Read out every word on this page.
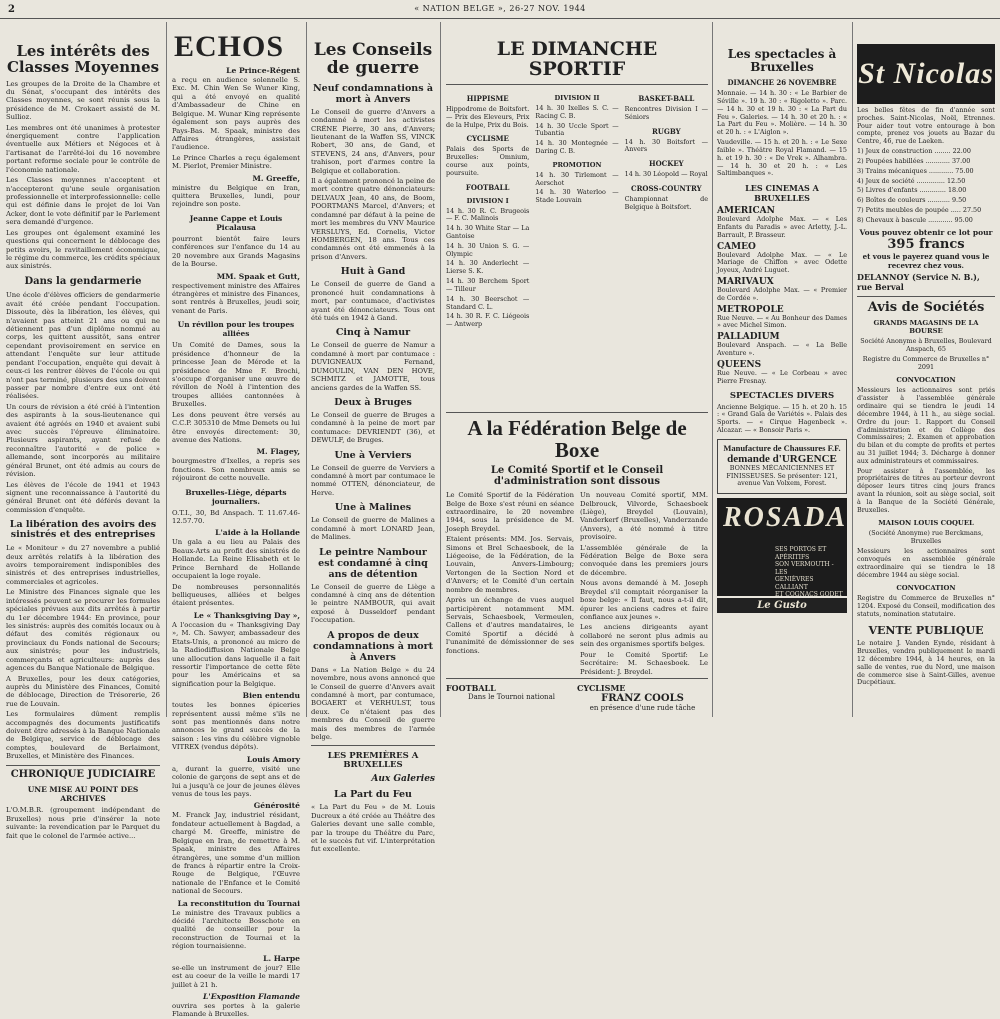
2	« NATION BELGE », 26-27 NOV. 1944
Les intérêts des Classes Moyennes

Les groupes de la Droite de la Chambre et du Sénat, s'occupant des intérêts des Classes moyennes, se sont réunis sous la présidence de M. Crokaert assisté de M. Sullioz.

Les membres ont été unanimes à protester énergiquement contre l'application éventuelle aux Métiers et Négoces et à l'artisanat de l'arrêté-loi du 16 novembre portant reforme sociale pour le contrôle de l'économie nationale.

Les Classes moyennes n'acceptent et n'accepteront qu'une seule organisation professionnelle et interprofessionnelle: celle qui est définie dans le projet de loi Van Acker, dont le vote définitif par le Parlement sera demandé d'urgence.

Les groupes ont également examiné les questions qui concernent le déblocage des petits avoirs, le ravitaillement économique, le régime du commerce, les crédits spéciaux aux sinistrés.

Dans la gendarmerie

Une école d'élèves officiers de gendarmerie avait été créée pendant l'occupation. Dissoute, dès la libération, les élèves, qui n'avaient pas atteint 21 ans ou qui ne détiennent pas d'un diplôme nommé au corps, les quittent aussitôt, sans entrer cependant provisoirement en service en attendant l'enquête sur leur attitude pendant l'occupation, enquête qui devait à ceux-ci les rentrer élèves de l'école ou qui n'ont pas terminé, plusieurs des uns doivent passer par nombre d'entre eux ont été réalisées.

Un cours de révision a été créé à l'intention des aspirants à la sous-lieutenance qui avaient été agréés en 1940 et avaient subi avec succès l'épreuve éliminatoire. Plusieurs aspirants, ayant refusé de reconnaître l'autorité « de police » allemande, sont incorporés au militaire général Brunet, ont été admis au cours de révision.

Les élèves de l'école de 1941 et 1943 signent une reconnaissance à l'autorité du général Brunet ont été déférés devant la commission d'enquête.

La libération des avoirs des sinistrés et des entreprises

Le « Moniteur » du 27 novembre a publié deux arrêtés relatifs à la libération des avoirs temporairement indisponibles des sinistrés et des entreprises industrielles, commerciales et agricoles.

Le Ministre des Finances signale que les intéressés peuvent se procurer les formules spéciales prévues aux dits arrêtés à partir du 1er décembre 1944: En province, pour les sinistrés: auprès des comités locaux ou à défaut des comités régionaux ou provinciaux du Fonds national de Secours; aux sinistrés; pour les industriels, commerçants et agriculteurs: auprès des agences du Banque Nationale de Belgique.

A Bruxelles, pour les deux catégories, auprès du Ministère des Finances, Comité de déblocage, Direction de Trésorerie, 26 rue de Louvain.

Les formulaires dûment remplis accompagnés des documents justificatifs doivent être adressés à la Banque Nationale de Belgique, service de déblocage des comptes, boulevard de Berlaimont, Bruxelles, et Ministère des Finances.

CHRONIQUE JUDICIAIRE
UNE MISE AU POINT DES ARCHIVES

L'O.M.B.R. (groupement indépendant de Bruxelles) nous prie d'insérer la note suivante: la revendication par le Parquet du fait que le colonel de l'armée active...

ECHOS
Le Prince-Régent

a reçu en audience solennelle S. Exc. M. Chin Wen Se Wuner King, qui a été envoyé en qualité d'Ambassadeur de Chine en Belgique. M. Wunar King représente également son pays auprès des Pays-Bas. M. Spaak, ministre des Affaires étrangères, assistait l'audience.

Le Prince Charles a reçu également M. Pierlot, Premier Ministre.

M. Greeffe,

ministre du Belgique en Iran, quittera Bruxelles, lundi, pour rejoindre son poste.

Jeanne Cappe et Louis Picalausa

pourront bientôt faire leurs conférences sur l'enfance du 14 au 20 novembre aux Grands Magasins de la Bourse.

MM. Spaak et Gutt,

respectivement ministre des Affaires étrangères et ministre des Finances, sont rentrés à Bruxelles, jeudi soir, venant de Paris.

Un révillon pour les troupes alliées

Un Comité de Dames, sous la présidence d'honneur de la princesse Jean de Mérode et la présidence de Mme F. Brochi, s'occupe d'organiser une œuvre de révillon de Noël à l'intention des troupes alliées cantonnées à Bruxelles.

Les dons peuvent être versés au C.C.P. 305310 de Mme Demets ou lui être envoyés directement: 30, avenue des Nations.

M. Flagey,

bourgmestre d'Ixelles, a repris ses fonctions. Son nombreux amis se réjouiront de cette nouvelle.

Bruxelles-Liège, départs journaliers.

O.T.I., 30, Bd Anspach. T. 11.67.46-12.57.70.

L'aide à la Hollande

Un gala a eu lieu au Palais des Beaux-Arts au profit des sinistrés de Hollande. La Reine Elisabeth et le Prince Bernhard de Hollande occupaient la loge royale.

De nombreuses personnalités belliqueuses, alliées et belges étaient présentes.

Le « Thanksgiving Day »,

A l'occasion du « Thanksgiving Day », M. Ch. Sawyer, ambassadeur des Etats-Unis, a prononcé au micro de la Radiodiffusion Nationale Belge une allocution dans laquelle il a fait ressortir l'importance de cette fête pour les Américains et sa signification pour la Belgique.

Bien entendu

toutes les bonnes épiceries représentent aussi même s'ils ne sont pas mentionnés dans notre annonces le grand succès de la saison : les vins du célèbre vignoble VITREX (vendus dépôts).

Louis Amory

a, durant la guerre, visité une colonie de garçons de sept ans et de lui a jusqu'à ce jour de jeunes élèves venus de tous les pays.

Générosité

M. Franck Jay, industriel résidant, fondateur actuellement à Bagdad, a chargé M. Greeffe, ministre de Belgique en Iran, de remettre à M. Spaak, ministre des Affaires étrangères, une somme d'un million de francs à répartir entre la Croix-Rouge de Belgique, l'Œuvre nationale de l'Enfance et le Comité national de Secours.

La reconstitution du Tournai

Le ministre des Travaux publics a décidé l'architecte Bosschote en qualité de conseiller pour la reconstruction de Tournai et la région tournaisienne.

L. Harpe

se-elle un instrument de jour? Elle est au coeur de la veille le mardi 17 juillet à 21 h.

L'Exposition Flamande

ouvrira ses portes à la galerie Flamande à Bruxelles.

Les Conseils de guerre
Neuf condamnations à mort à Anvers

Le Conseil de guerre d'Anvers a condamné à mort les activistes CRÉNE Pierre, 30 ans, d'Anvers; lieutenant de la Waffen SS, VINCK Robert, 30 ans, de Gand, et STEVENS, 24 ans, d'Anvers, pour trahison, port d'armes contre la Belgique et collaboration.

Il a également prononcé la peine de mort contre quatre dénonciateurs: DELVAUX Jean, 40 ans, de Boom, POORTMANS Marcel, d'Anvers; et condamné par défaut à la peine de mort les membres du VNV Maurice VERSLUYS, Ed. Cornelis, Victor HOMBERGEN, 18 ans. Tous ces condamnés ont été emmenés à la prison d'Anvers.

Huit à Gand

Le Conseil de guerre de Gand a prononcé huit condamnations à mort, par contumace, d'activistes ayant été dénonciateurs. Tous ont été tués en 1942 à Gand.

Cinq à Namur

Le Conseil de guerre de Namur a condamné à mort par contumace : DUVIGNEAUX Fernand, DUMOULIN, VAN DEN HOVE, SCHMITZ et JAMOTTE, tous anciens gardes de la Waffen SS.

Deux à Bruges

Le Conseil de guerre de Bruges a condamné à la peine de mort par contumace: DEVRIENDT (36), et DEWULF, de Bruges.

Une à Verviers

Le Conseil de guerre de Verviers a condamné à mort par contumace le nommé OTTEN, dénonciateur, de Herve.

Une à Malines

Le Conseil de guerre de Malines a condamné à mort LONARD Jean, de Malines.

Le peintre Nambour est condamné à cinq ans de détention

Le Conseil de guerre de Liège a condamné à cinq ans de détention le peintre NAMBOUR, qui avait exposé à Dusseldorf pendant l'occupation.

A propos de deux condamnations à mort à Anvers

Dans « La Nation Belge » du 24 novembre, nous avons annoncé que le Conseil de guerre d'Anvers avait condamné à mort, par contumace, BOGAERT et VERHULST, tous deux. Ce n'étaient pas des membres du Conseil de guerre mais des membres de l'armée belge.

LES PREMIÈRES A BRUXELLES
Aux Galeries
La Part du Feu

« La Part du Feu » de M. Louis Ducreux a été créée au Théâtre des Galeries devant une salle comble, par la troupe du Théâtre du Parc, et le succès fut vif. L'interprétation fut excellente.

LE DIMANCHE SPORTIF
HIPPISME

Hippodrome de Boitsfort. — Prix des Eleveurs, Prix de la Hulpe, Prix du Bois.

CYCLISME

Palais des Sports de Bruxelles: Omnium, course aux points, poursuite.

FOOTBALL
DIVISION I

14 h. 30 R. C. Brugeois — F. C. Malinois

14 h. 30 White Star — La Gantoise

14 h. 30 Union S. G. — Olympic

14 h. 30 Anderlecht — Lierse S. K.

14 h. 30 Berchem Sport — Tilleur

14 h. 30 Beerschot — Standard C. L.

14 h. 30 R. F. C. Liégeois — Antwerp

DIVISION II

14 h. 30 Ixelles S. C. — Racing C. B.

14 h. 30 Uccle Sport — Tubantia

14 h. 30 Montegnée — Daring C. B.

PROMOTION

14 h. 30 Tirlemont — Aerschot

14 h. 30 Waterloo — Stade Louvain

BASKET-BALL

Rencontres Division I — Séniors

RUGBY

14 h. 30 Boitsfort — Anvers

HOCKEY

14 h. 30 Léopold — Royal

CROSS-COUNTRY

Championnat de Belgique à Boitsfort.

A la Fédération Belge de Boxe
Le Comité Sportif et le Conseil d'administration sont dissous

Le Comité Sportif de la Fédération Belge de Boxe s'est réuni en séance extraordinaire, le 20 novembre 1944, sous la présidence de M. Joseph Breydel.

Etaient présents: MM. Jos. Servais, Simons et Brel Schaesboek, de la Liégeoise, de la Fédération, de la Louvain, Anvers-Limbourg; Vertongen de la Section Nord et d'Anvers; et le Comité d'un certain nombre de membres.

Après un échange de vues auquel participèrent notamment MM. Servais, Schaesboek, Vermeulen, Callens et d'autres mandataires, le Comité Sportif a décidé à l'unanimité de démissionner de ses fonctions.

Un nouveau Comité sportif, MM. Delbrouck, Vilvorde, Schaesboek (Liège), Breydel (Louvain), Vanderkerf (Bruxelles), Vanderzande (Anvers), a été nommé à titre provisoire.

L'assemblée générale de la Fédération Belge de Boxe sera convoquée dans les premiers jours de décembre.

Nous avons demandé à M. Joseph Breydel s'il comptait réorganiser la boxe belge: « Il faut, nous a-t-il dit, épurer les anciens cadres et faire confiance aux jeunes ».

Les anciens dirigeants ayant collaboré ne seront plus admis au sein des organismes sportifs belges.

Pour le Comité Sportif: Le Secrétaire: M. Schaesboek. Le Président: J. Breydel.

FOOTBALL
Dans le Tournoi national
CYCLISME
FRANZ COOLS
en présence d'une rude tâche
Les spectacles à Bruxelles
DIMANCHE 26 NOVEMBRE

Monnaie. — 14 h. 30 : « Le Barbier de Séville ». 19 h. 30 : « Rigoletto ». Parc. — 14 h. 30 et 19 h. 30 : « La Part du Feu ». Galeries. — 14 h. 30 et 20 h. : « La Part du Feu ». Molière. — 14 h. 30 et 20 h. : « L'Aiglon ».

Vaudeville. — 15 h. et 20 h. : « Le Sexe faible ». Théâtre Royal Flamand. — 15 h. et 19 h. 30 : « De Vrek ». Alhambra. — 14 h. 30 et 20 h. : « Les Saltimbanques ».

LES CINEMAS A BRUXELLES
AMERICAN

Boulevard Adolphe Max. — « Les Enfants du Paradis » avec Arletty, J.-L. Barrault, P. Brasseur.

CAMEO

Boulevard Adolphe Max. — « Le Mariage de Chiffon » avec Odette Joyeux, André Luguet.

MARIVAUX

Boulevard Adolphe Max. — « Premier de Cordée ».

METROPOLE

Rue Neuve. — « Au Bonheur des Dames » avec Michel Simon.

PALLADIUM

Boulevard Anspach. — « La Belle Aventure ».

QUEENS

Rue Neuve. — « Le Corbeau » avec Pierre Fresnay.

SPECTACLES DIVERS

Ancienne Belgique. — 15 h. et 20 h. 15 : « Grand Gala de Variétés ». Palais des Sports. — « Cirque Hagenbeck ». Alcazar. — « Bonsoir Paris ».

Manufacture de Chaussures F.F.
demande d'URGENCE

BONNES MÉCANICIENNES ET FINISSEUSES. Se présenter: 121, avenue Van Volxem, Forest.

ROSADA
SES PORTOS ET APÉRITIFS
SON VERMOUTH - LES
GENIÈVRES CALLIANT
ET COGNACS GODET
Le Gusto
St Nicolas

Les belles fêtes de fin d'année sont proches. Saint-Nicolas, Noël, Etrennes. Pour aider tout votre entourage à bon compte, prenez vos jouets au Bazar du Centre, 46, rue de Laeken.

1) Jeux de construction ........ 22.00

2) Poupées habillées ............ 37.00

3) Trains mécaniques ............ 75.00

4) Jeux de société .............. 12.50

5) Livres d'enfants ............. 18.00

6) Boîtes de couleurs ........... 9.50

7) Petits meubles de poupée ..... 27.50

8) Chevaux à bascule ............ 95.00

Vous pouvez obtenir ce lot pour
395 francs
et vous le payerez quand vous le recevrez chez vous.
DELANNOY (Service N. B.), rue Berval
Avis de Sociétés
GRANDS MAGASINS DE LA BOURSE

Société Anonyme à Bruxelles, Boulevard Anspach, 65

Registre du Commerce de Bruxelles n° 2091

CONVOCATION

Messieurs les actionnaires sont priés d'assister à l'assemblée générale ordinaire qui se tiendra le jeudi 14 décembre 1944, à 11 h., au siège social. Ordre du jour: 1. Rapport du Conseil d'administration et du Collège des Commissaires; 2. Examen et approbation du bilan et du compte de profits et pertes au 31 juillet 1944; 3. Décharge à donner aux administrateurs et commissaires.

Pour assister à l'assemblée, les propriétaires de titres au porteur devront déposer leurs titres cinq jours francs avant la réunion, soit au siège social, soit à la Banque de la Société Générale, Bruxelles.

MAISON LOUIS COQUEL

(Société Anonyme) rue Berckmans, Bruxelles

Messieurs les actionnaires sont convoqués en assemblée générale extraordinaire qui se tiendra le 18 décembre 1944 au siège social.

CONVOCATION

Registre du Commerce de Bruxelles n° 1204. Exposé du Conseil, modification des statuts, nomination statutaire.

VENTE PUBLIQUE

Le notaire J. Vanden Eynde, résidant à Bruxelles, vendra publiquement le mardi 12 décembre 1944, à 14 heures, en la salle de ventes, rue du Nord, une maison de commerce sise à Saint-Gilles, avenue Ducpétiaux.
